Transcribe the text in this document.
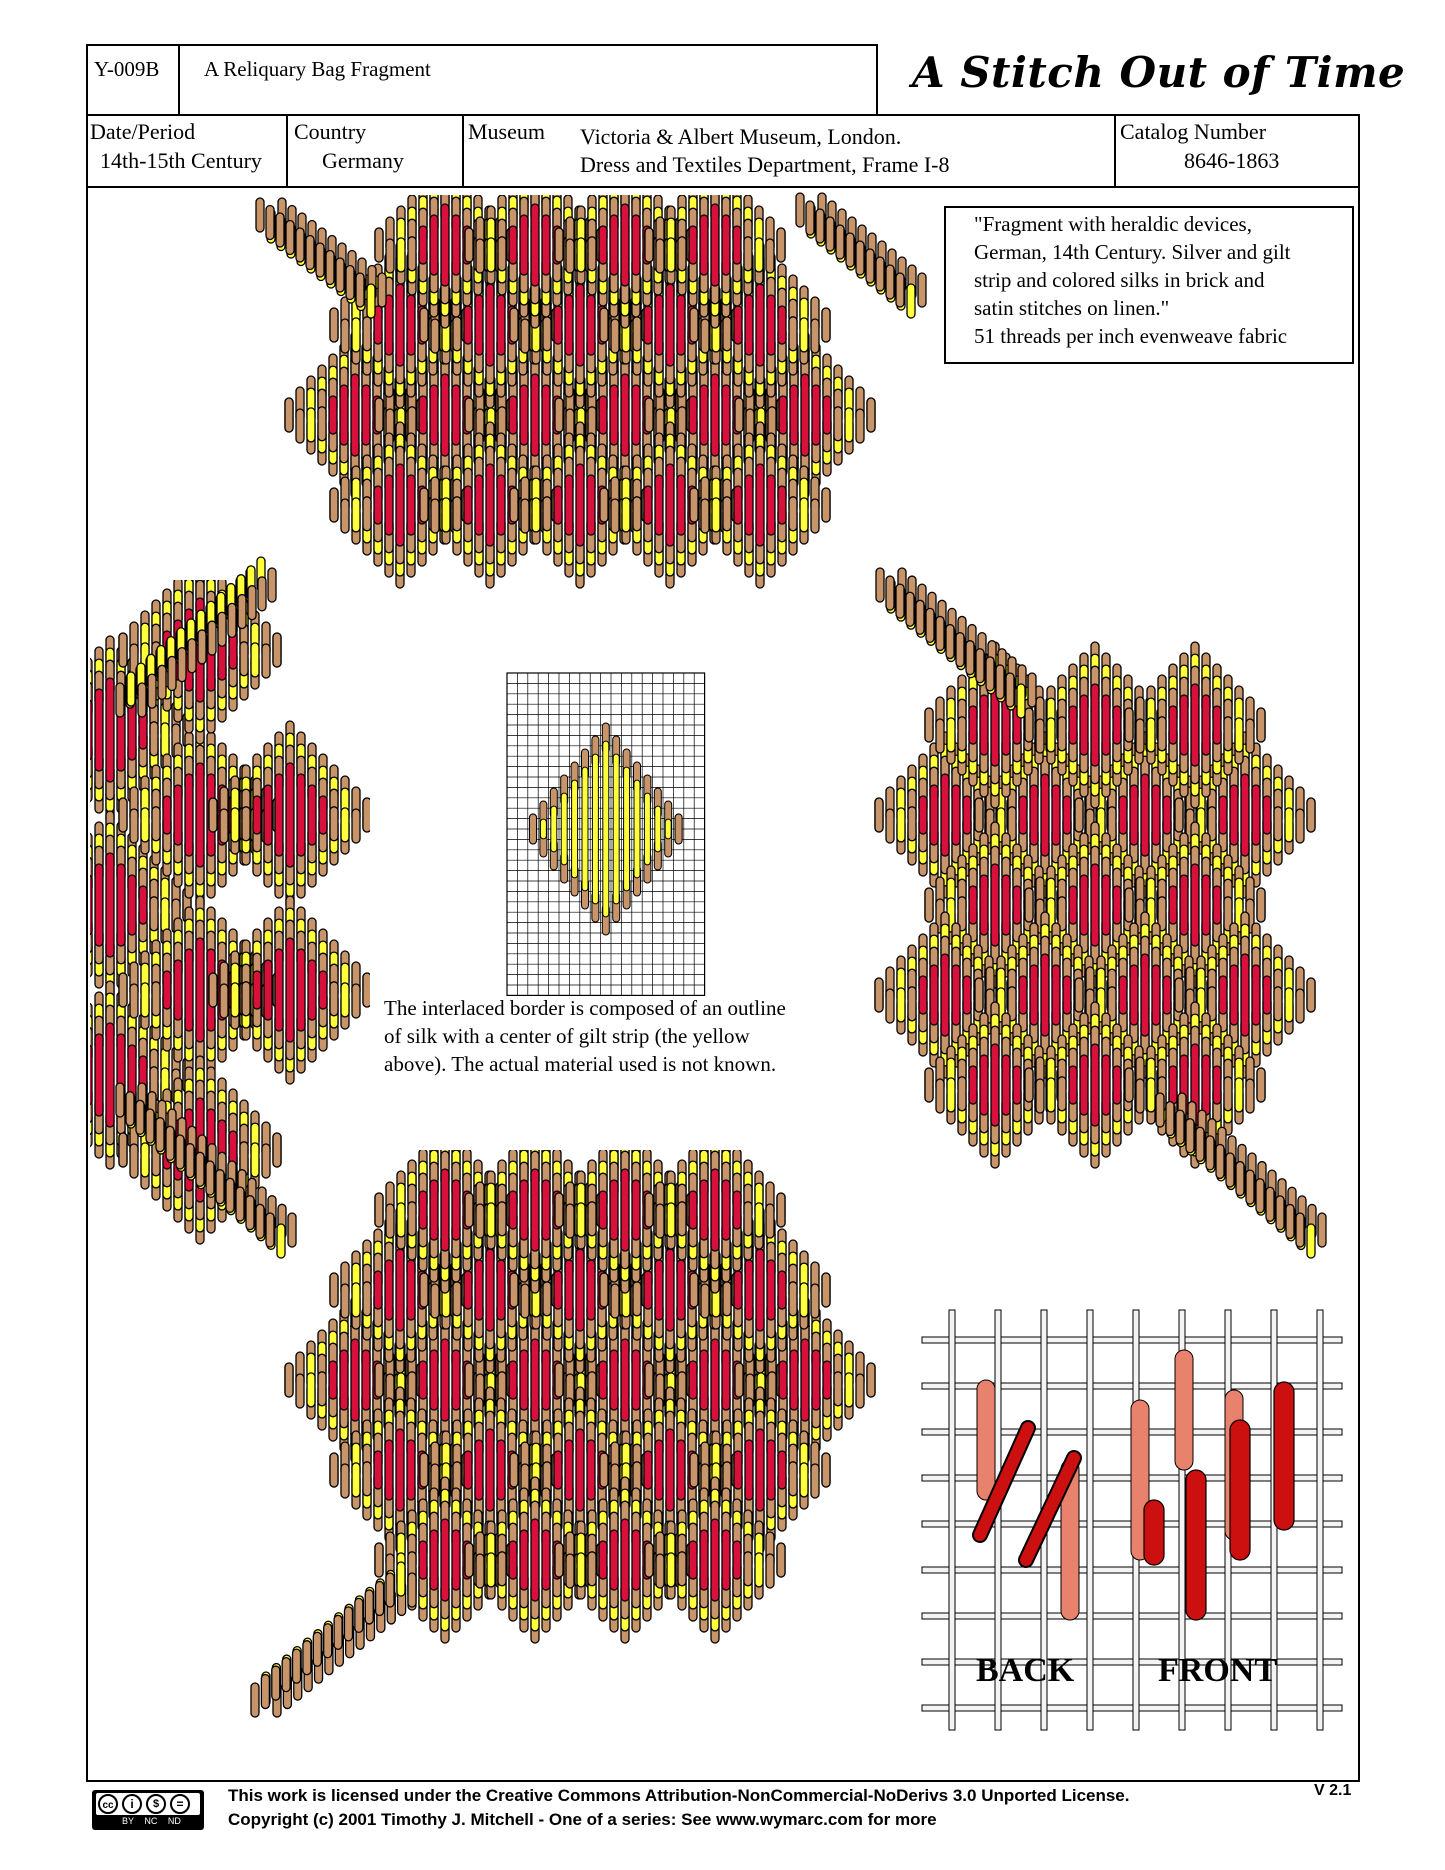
Y-009B A Reliquary Bag Fragment	A Stitch Out of Time
Date/Period
14th-15th Century
Country
Germany
Museum Victoria & Albert Museum, London.
Dress and Textiles Department, Frame I-8
Catalog Number
8646-1863
"Fragment with heraldic devices,
German, 14th Century. Silver and gilt
strip and colored silks in brick and
satin stitches on linen."
51 threads per inch evenweave fabric
The interlaced border is composed of an outline
of silk with a center of gilt strip (the yellow
above). The actual material used is not known.
BACK FRONT
cc	i	$	=
BY NC ND
This work is licensed under the Creative Commons Attribution-NonCommercial-NoDerivs 3.0 Unported License.
Copyright (c) 2001 Timothy J. Mitchell - One of a series: See www.wymarc.com for more
V 2.1
